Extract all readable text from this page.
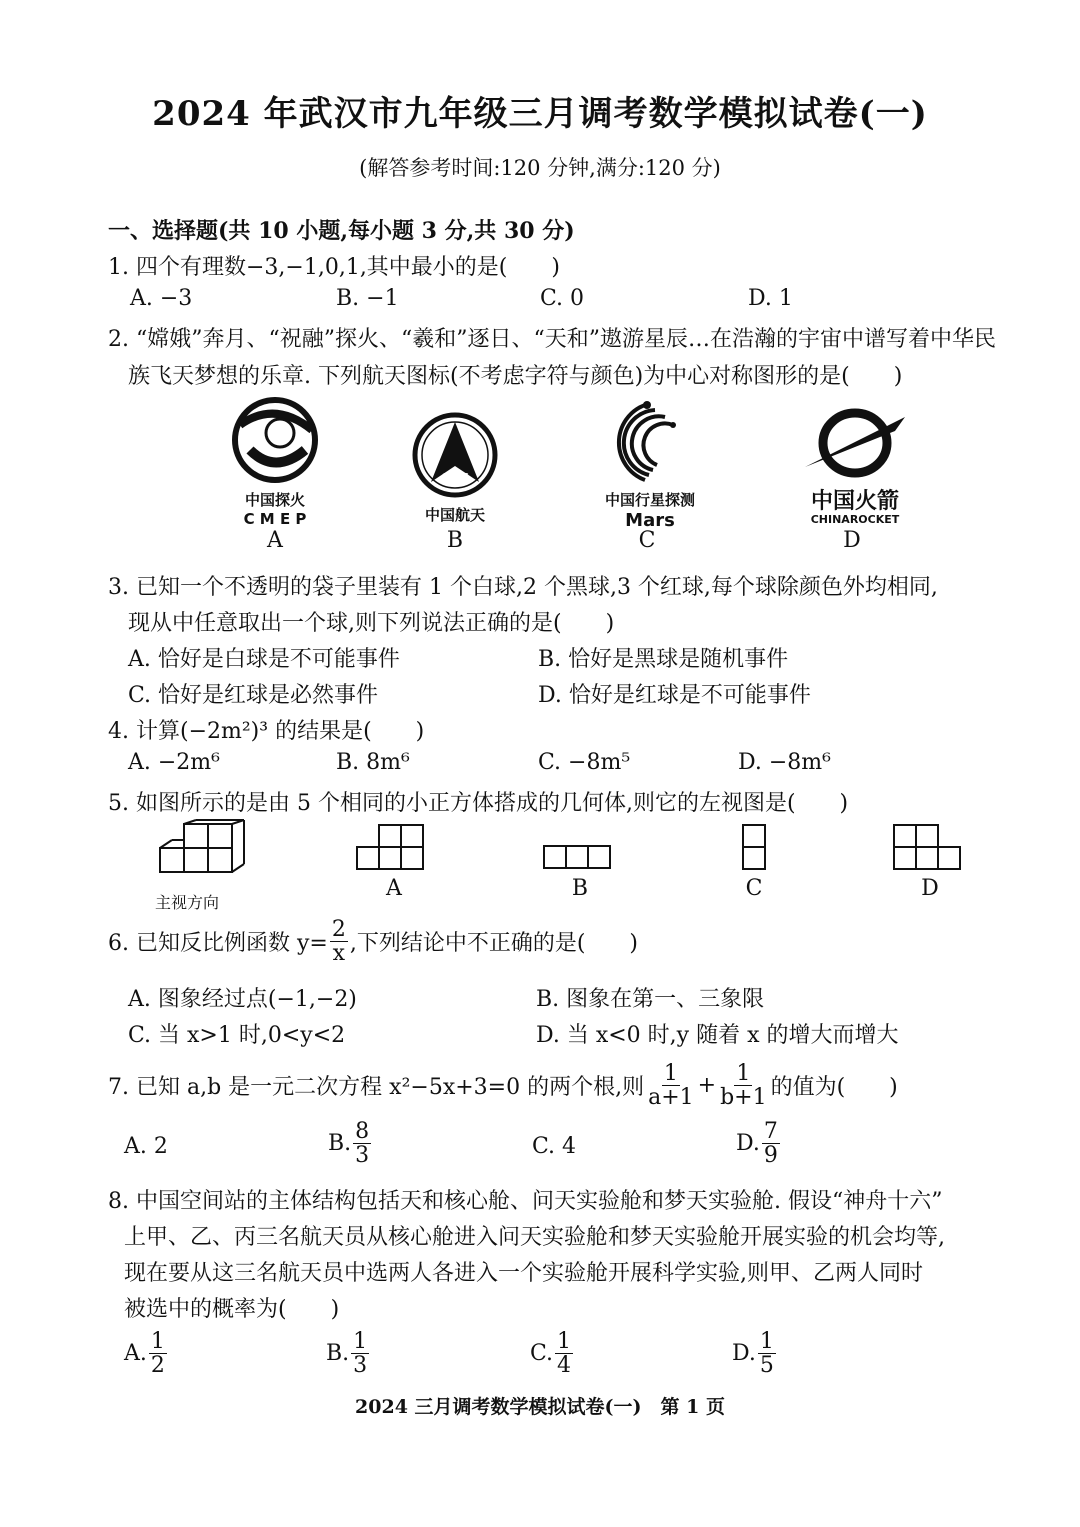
2024 年武汉市九年级三月调考数学模拟试卷(一)
(解答参考时间:120 分钟,满分:120 分)
一、选择题(共 10 小题,每小题 3 分,共 30 分)
1. 四个有理数−3,−1,0,1,其中最小的是(　　)
A. −3	B. −1	C. 0	D. 1
2. “嫦娥”奔月、“祝融”探火、“羲和”逐日、“天和”遨游星辰…在浩瀚的宇宙中谱写着中华民
族飞天梦想的乐章. 下列航天图标(不考虑字符与颜色)为中心对称图形的是(　　)
中国探火
C M E P
A
CASC
中国航天
B
中国行星探测
Mars
C
中国火箭
CHINAROCKET
D
3. 已知一个不透明的袋子里装有 1 个白球,2 个黑球,3 个红球,每个球除颜色外均相同,
现从中任意取出一个球,则下列说法正确的是(　　)
A. 恰好是白球是不可能事件	B. 恰好是黑球是随机事件
C. 恰好是红球是必然事件	D. 恰好是红球是不可能事件
4. 计算(−2m²)³ 的结果是(　　)
A. −2m⁶	B. 8m⁶	C. −8m⁵	D. −8m⁶
5. 如图所示的是由 5 个相同的小正方体搭成的几何体,则它的左视图是(　　)
主视方向
A	B	C	D
6. 已知反比例函数 $y= \frac{2}{x}$ ,下列结论中不正确的是(　　)
A. 图象经过点(−1,−2)	B. 图象在第一、三象限
C. 当 x>1 时,0<y<2	D. 当 x<0 时,y 随着 x 的增大而增大
7. 已知 a,b 是一元二次方程 x²−5x+3=0 的两个根,则 $\frac{1}{a+1} + \frac{1}{b+1}$ 的值为(　　)
A. 2	B. $\frac{8}{3}$	C. 4	D. $\frac{7}{9}$
8. 中国空间站的主体结构包括天和核心舱、问天实验舱和梦天实验舱. 假设“神舟十六”
上甲、乙、丙三名航天员从核心舱进入问天实验舱和梦天实验舱开展实验的机会均等,
现在要从这三名航天员中选两人各进入一个实验舱开展科学实验,则甲、乙两人同时
被选中的概率为(　　)
A. $\frac{1}{2}$	B. $\frac{1}{3}$	C. $\frac{1}{4}$	D. $\frac{1}{5}$
2024 三月调考数学模拟试卷(一)　第 1 页
